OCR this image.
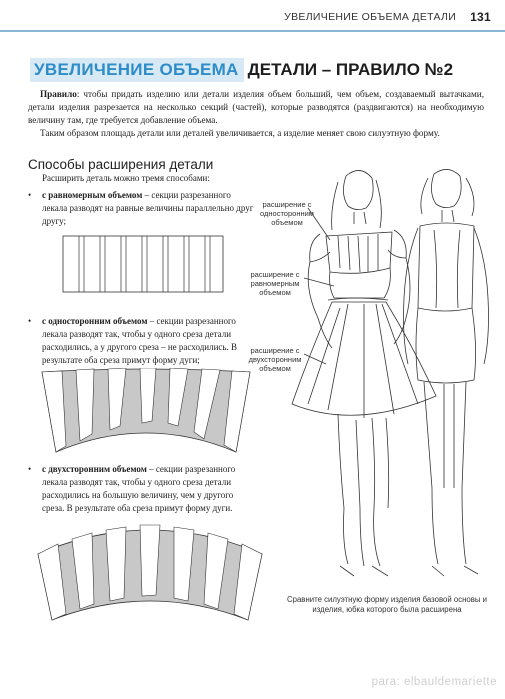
УВЕЛИЧЕНИЕ ОБЪЕМА ДЕТАЛИ 131
УВЕЛИЧЕНИЕ ОБЪЕМА ДЕТАЛИ – ПРАВИЛО №2

Правило: чтобы придать изделию или детали изделия объем больший, чем объем, создаваемый вытачками, детали изделия разрезается на несколько секций (частей), которые разводятся (раздвигаются) на необходимую величину там, где требуется добавление объема.

Таким образом площадь детали или деталей увеличивается, а изделие меняет свою силуэтную форму.

Способы расширения детали
Расширить деталь можно тремя способами:
•	с равномерным объемом – секции разрезанного лекала разводят на равные величины параллельно друг другу;
•	с односторонним объемом – секции разрезанного лекала разводят так, чтобы у одного среза детали расходились, а у другого среза – не расходились. В результате оба среза примут форму дуги;
•	с двухсторонним объемом – секции разрезанного лекала разводят так, чтобы у одного среза детали расходились на большую величину, чем у другого среза. В результате оба среза примут форму дуги.
расширение с односторонним объемом
расширение с равномерным объемом
расширение с двухсторонним объемом
Сравните силуэтную форму изделия базовой основы и изделия, юбка которого была расширена
para: elbauldemariette
